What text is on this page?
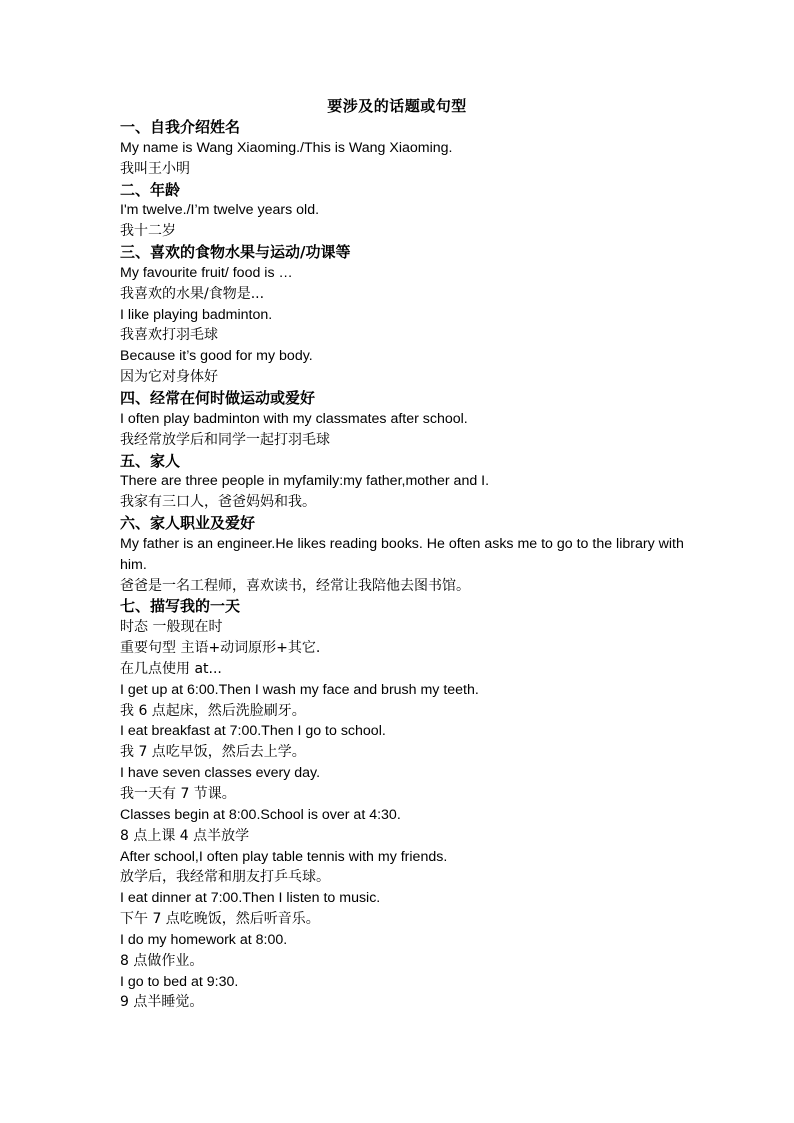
要涉及的话题或句型
一、自我介绍姓名
My name is Wang Xiaoming./This is Wang Xiaoming.
我叫王小明
二、年龄
I'm twelve./I’m twelve years old.
我十二岁
三、喜欢的食物水果与运动/功课等
My favourite fruit/ food is …
我喜欢的水果/食物是...
I like playing badminton.
我喜欢打羽毛球
Because it’s good for my body.
因为它对身体好
四、经常在何时做运动或爱好
I often play badminton with my classmates after school.
我经常放学后和同学一起打羽毛球
五、家人
There are three people in myfamily:my father,mother and I.
我家有三口人，爸爸妈妈和我。
六、家人职业及爱好
My father is an engineer.He likes reading books. He often asks me to go to the library with him.
爸爸是一名工程师，喜欢读书，经常让我陪他去图书馆。
七、描写我的一天
时态 一般现在时
重要句型 主语+动词原形+其它.
在几点使用 at...
I get up at 6:00.Then I wash my face and brush my teeth.
我 6 点起床，然后洗脸刷牙。
I eat breakfast at 7:00.Then I go to school.
我 7 点吃早饭，然后去上学。
I have seven classes every day.
我一天有 7 节课。
Classes begin at 8:00.School is over at 4:30.
8 点上课 4 点半放学
After school,I often play table tennis with my friends.
放学后，我经常和朋友打乒乓球。
I eat dinner at 7:00.Then I listen to music.
下午 7 点吃晚饭，然后听音乐。
I do my homework at 8:00.
8 点做作业。
I go to bed at 9:30.
9 点半睡觉。
